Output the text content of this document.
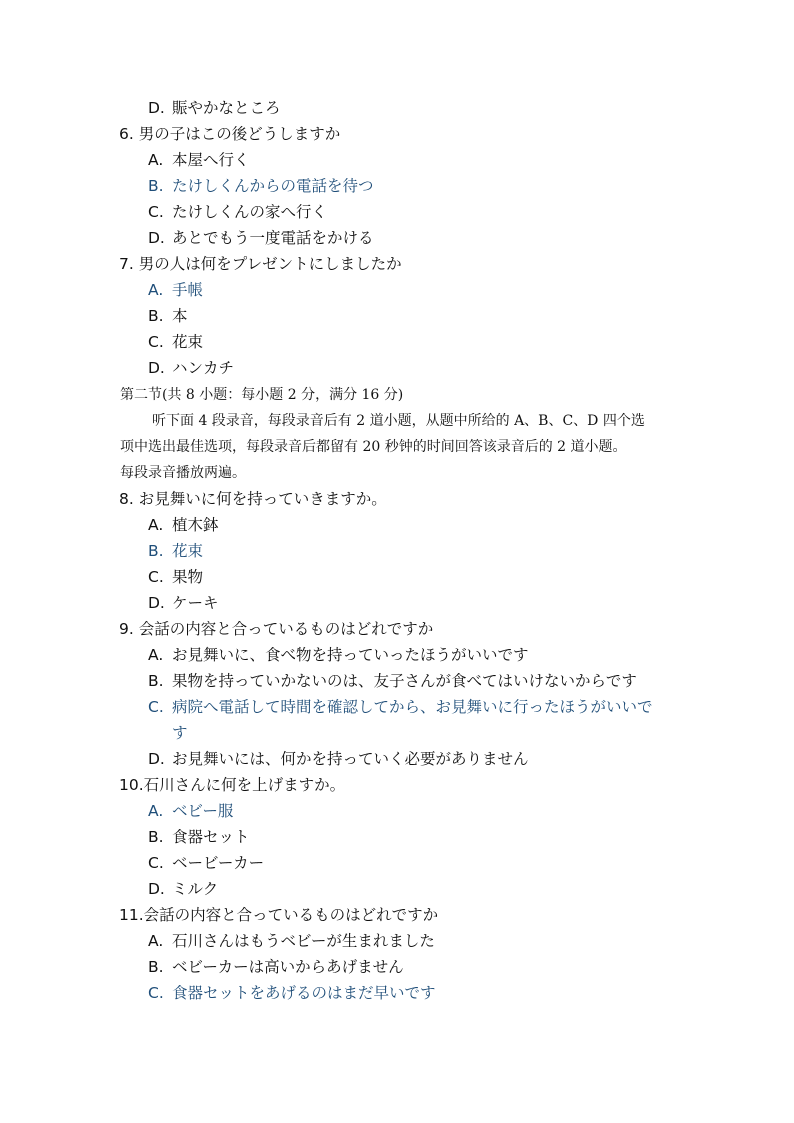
D. 賑やかなところ
6. 男の子はこの後どうしますか
A. 本屋へ行く
B. たけしくんからの電話を待つ
C. たけしくんの家へ行く
D. あとでもう一度電話をかける
7. 男の人は何をプレゼントにしましたか
A. 手帳
B. 本
C. 花束
D. ハンカチ
第二节(共 8 小题：每小题 2 分，满分 16 分)
听下面 4 段录音，每段录音后有 2 道小题，从题中所给的 A、B、C、D 四个选
项中选出最佳选项，每段录音后都留有 20 秒钟的时间回答该录音后的 2 道小题。
每段录音播放两遍。
8. お見舞いに何を持っていきますか。
A. 植木鉢
B. 花束
C. 果物
D. ケーキ
9. 会話の内容と合っているものはどれですか
A. お見舞いに、食べ物を持っていったほうがいいです
B. 果物を持っていかないのは、友子さんが食べてはいけないからです
C. 病院へ電話して時間を確認してから、お見舞いに行ったほうがいいで
す
D. お見舞いには、何かを持っていく必要がありません
10.石川さんに何を上げますか。
A. ベビー服
B. 食器セット
C. ベービーカー
D. ミルク
11.会話の内容と合っているものはどれですか
A. 石川さんはもうベビーが生まれました
B. ベビーカーは高いからあげません
C. 食器セットをあげるのはまだ早いです
